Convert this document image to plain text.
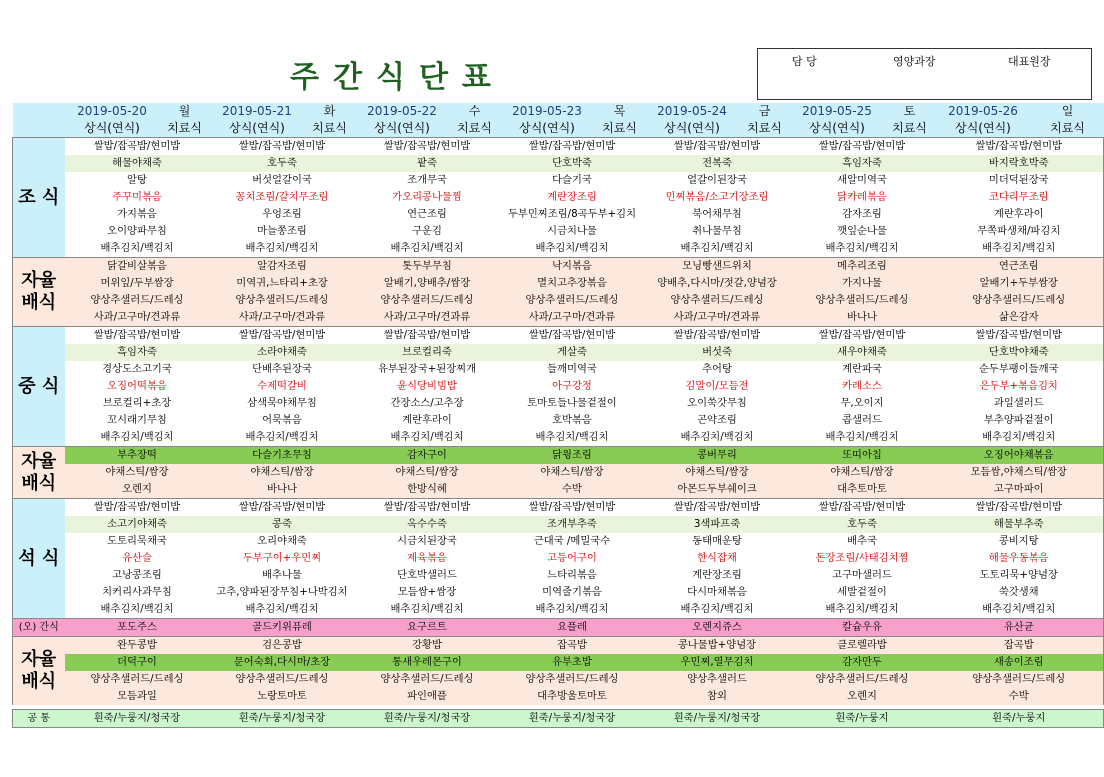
주간식단표	담 당	영양과장	대표원장
	2019-05-20	월	2019-05-21	화	2019-05-22	수	2019-05-23	목	2019-05-24	금	2019-05-25	토	2019-05-26	일
	상식(연식)	치료식	상식(연식)	치료식	상식(연식)	치료식	상식(연식)	치료식	상식(연식)	치료식	상식(연식)	치료식	상식(연식)	치료식
조 식	쌀밥/잡곡밥/현미밥		쌀밥/잡곡밥/현미밥		쌀밥/잡곡밥/현미밥		쌀밥/잡곡밥/현미밥		쌀밥/잡곡밥/현미밥		쌀밥/잡곡밥/현미밥		쌀밥/잡곡밥/현미밥	
	해물야채죽		호두죽		팥죽		단호박죽		전복죽		흑임자죽		바지락호박죽	
	알탕		버섯얼갈이국		조개무국		다슬기국		얼갈이된장국		새알미역국		미더덕된장국	
	주꾸미볶음		꽁치조림/갈치무조림		가오리콩나물찜		계란장조림		민찌볶음/소고기장조림		닭카레볶음		코다리무조림	
	가지볶음		우엉조림		연근조림		두부민찌조림/8곡두부+김치		북어채무침		감자조림		계란후라이	
	오이양파무침		마늘쫑조림		구운김		시금치나물		취나물무침		깻잎순나물		무쪽파생채/파김치	
	배추김치/백김치		배추김치/백김치		배추김치/백김치		배추김치/백김치		배추김치/백김치		배추김치/백김치		배추김치/백김치	
자율 배식	닭갈비살볶음		알감자조림		톳두부무침		낙지볶음		모닝빵샌드위치		메추리조림		연근조림	
	머위잎/두부쌈장		미역귀,느타리+초장		알배기,양배추/쌈장		멸치고추장볶음		양배추,다시마/젓갈,양념장		가지나물		알배기+두부쌈장	
	양상추샐러드/드레싱		양상추샐러드/드레싱		양상추샐러드/드레싱		양상추샐러드/드레싱		양상추샐러드/드레싱		양상추샐러드/드레싱		양상추샐러드/드레싱	
	사과/고구마/견과류		사과/고구마/견과류		사과/고구마/견과류		사과/고구마/견과류		사과/고구마/견과류		바나나		삶은감자	
중 식	쌀밥/잡곡밥/현미밥		쌀밥/잡곡밥/현미밥		쌀밥/잡곡밥/현미밥		쌀밥/잡곡밥/현미밥		쌀밥/잡곡밥/현미밥		쌀밥/잡곡밥/현미밥		쌀밥/잡곡밥/현미밥	
	흑임자죽		소라야채죽		브로컬리죽		게살죽		버섯죽		새우야채죽		단호박야채죽	
	경상도소고기국		단배추된장국		유부된장국+된장찌개		들깨미역국		추어탕		계란파국		순두부팽이들깨국	
	오징어떡볶음		수제떡갈비		윤식당비빔밥		아구강정		김말이/모듬전		카레소스		은두부+볶음김치	
	브로컬리+초장		삼색묵야채무침		간장소스/고추장		토마토들나물겉절이		오이쑥갓무침		무,오이지		과일샐러드	
	꼬시래기무침		어묵볶음		계란후라이		호박볶음		곤약조림		콥샐러드		부추양파겉절이	
	배추김치/백김치		배추김치/백김치		배추김치/백김치		배추김치/백김치		배추김치/백김치		배추김치/백김치		배추김치/백김치	
자율 배식	부추장떡		다슬기초무침		감자구이		닭윙조림		콩버무리		또띠아칩		오징어야채볶음	
	야채스틱/쌈장		야채스틱/쌈장		야채스틱/쌈장		야채스틱/쌈장		야채스틱/쌈장		야채스틱/쌈장		모듬쌈,야채스틱/쌈장	
	오렌지		바나나		한방식혜		수박		아몬드두부쉐이크		대추토마토		고구마파이	
석 식	쌀밥/잡곡밥/현미밥		쌀밥/잡곡밥/현미밥		쌀밥/잡곡밥/현미밥		쌀밥/잡곡밥/현미밥		쌀밥/잡곡밥/현미밥		쌀밥/잡곡밥/현미밥		쌀밥/잡곡밥/현미밥	
	소고기야채죽		콩죽		옥수수죽		조개부추죽		3색파프죽		호두죽		해물부추죽	
	도토리묵채국		오리야채죽		시금치된장국		근대국 /메밀국수		동태매운탕		배추국		콩비지탕	
	유산슬		두부구이+우민찌		제육볶음		고등어구이		한식잡채		돈장조림/사태김치찜		해물우동볶음	
	고낭콩조림		배추나물		단호박샐러드		느타리볶음		계란장조림		고구마샐러드		도토리묵+양념장	
	치커리사과무침		고추,양파된장무침+나박김치		모듬쌈+쌈장		미역줄기볶음		다시마채볶음		세발겉절이		쑥갓생채	
	배추김치/백김치		배추김치/백김치		배추김치/백김치		배추김치/백김치		배추김치/백김치		배추김치/백김치		배추김치/백김치	
(오) 간식	포도주스		골드키위퓨레		요구르트		요플레		오렌지쥬스		칼슘우유		유산균	
자율 배식	완두콩밥		검은콩밥		강황밥		잡곡밥		콩나물밥+양념장		클로렐라밥		잡곡밥	
	더덕구이		문어숙회,다시마/초장		통새우레몬구이		유부초밥		우민찌,열무김치		감자만두		새송이조림	
	양상추샐러드/드레싱		양상추샐러드/드레싱		양상추샐러드/드레싱		양상추샐러드/드레싱		양상추샐러드		양상추샐러드/드레싱		양상추샐러드/드레싱	
	모듬과일		노랑토마토		파인애플		대추방울토마토		참외		오렌지		수박	

공 통	흰죽/누룽지/청국장		흰죽/누룽지/청국장		흰죽/누룽지/청국장		흰죽/누룽지/청국장		흰죽/누룽지/청국장		흰죽/누룽지		흰죽/누룽지	
